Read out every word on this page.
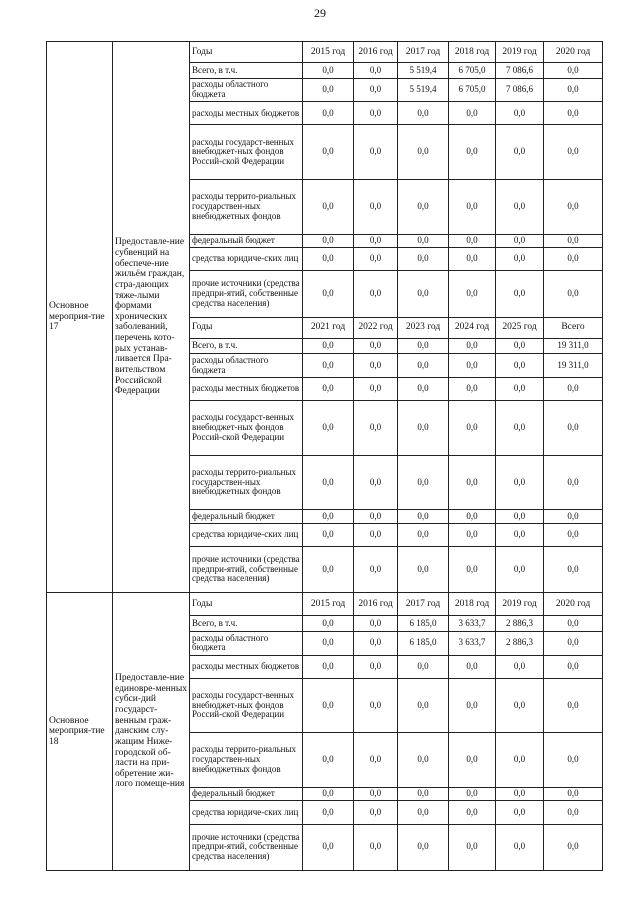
29
Основное мероприя-тие 17	Предоставле-ние субвенций на обеспече-ние жильём граждан, стра-дающих тяже-лыми формами хронических заболеваний, перечень кото-рых устанав-ливается Пра-вительством Российской Федерации	Годы	2015 год	2016 год	2017 год	2018 год	2019 год	2020 год
		Всего, в т.ч.	0,0	0,0	5 519,4	6 705,0	7 086,6	0,0
		расходы областного бюджета	0,0	0,0	5 519,4	6 705,0	7 086,6	0,0
		расходы местных бюджетов	0,0	0,0	0,0	0,0	0,0	0,0
		расходы государст-венных внебюджет-ных фондов Россий-ской Федерации	0,0	0,0	0,0	0,0	0,0	0,0
		расходы террито-риальных государствен-ных внебюджетных фондов	0,0	0,0	0,0	0,0	0,0	0,0
		федеральный бюджет	0,0	0,0	0,0	0,0	0,0	0,0
		средства юридиче-ских лиц	0,0	0,0	0,0	0,0	0,0	0,0
		прочие источники (средства предпри-ятий, собственные средства населения)	0,0	0,0	0,0	0,0	0,0	0,0
		Годы	2021 год	2022 год	2023 год	2024 год	2025 год	Всего
		Всего, в т.ч.	0,0	0,0	0,0	0,0	0,0	19 311,0
		расходы областного бюджета	0,0	0,0	0,0	0,0	0,0	19 311,0
		расходы местных бюджетов	0,0	0,0	0,0	0,0	0,0	0,0
		расходы государст-венных внебюджет-ных фондов Россий-ской Федерации	0,0	0,0	0,0	0,0	0,0	0,0
		расходы террито-риальных государствен-ных внебюджетных фондов	0,0	0,0	0,0	0,0	0,0	0,0
		федеральный бюджет	0,0	0,0	0,0	0,0	0,0	0,0
		средства юридиче-ских лиц	0,0	0,0	0,0	0,0	0,0	0,0
		прочие источники (средства предпри-ятий, собственные средства населения)	0,0	0,0	0,0	0,0	0,0	0,0
Основное мероприя-тие 18	Предоставле-ние единовре-менных субси-дий государст-венным граж-данским слу-жащим Ниже-городской об-ласти на при-обретение жи-лого помеще-ния	Годы	2015 год	2016 год	2017 год	2018 год	2019 год	2020 год
		Всего, в т.ч.	0,0	0,0	6 185,0	3 633,7	2 886,3	0,0
		расходы областного бюджета	0,0	0,0	6 185,0	3 633,7	2 886,3	0,0
		расходы местных бюджетов	0,0	0,0	0,0	0,0	0,0	0,0
		расходы государст-венных внебюджет-ных фондов Россий-ской Федерации	0,0	0,0	0,0	0,0	0,0	0,0
		расходы террито-риальных государствен-ных внебюджетных фондов	0,0	0,0	0,0	0,0	0,0	0,0
		федеральный бюджет	0,0	0,0	0,0	0,0	0,0	0,0
		средства юридиче-ских лиц	0,0	0,0	0,0	0,0	0,0	0,0
		прочие источники (средства предпри-ятий, собственные средства населения)	0,0	0,0	0,0	0,0	0,0	0,0
